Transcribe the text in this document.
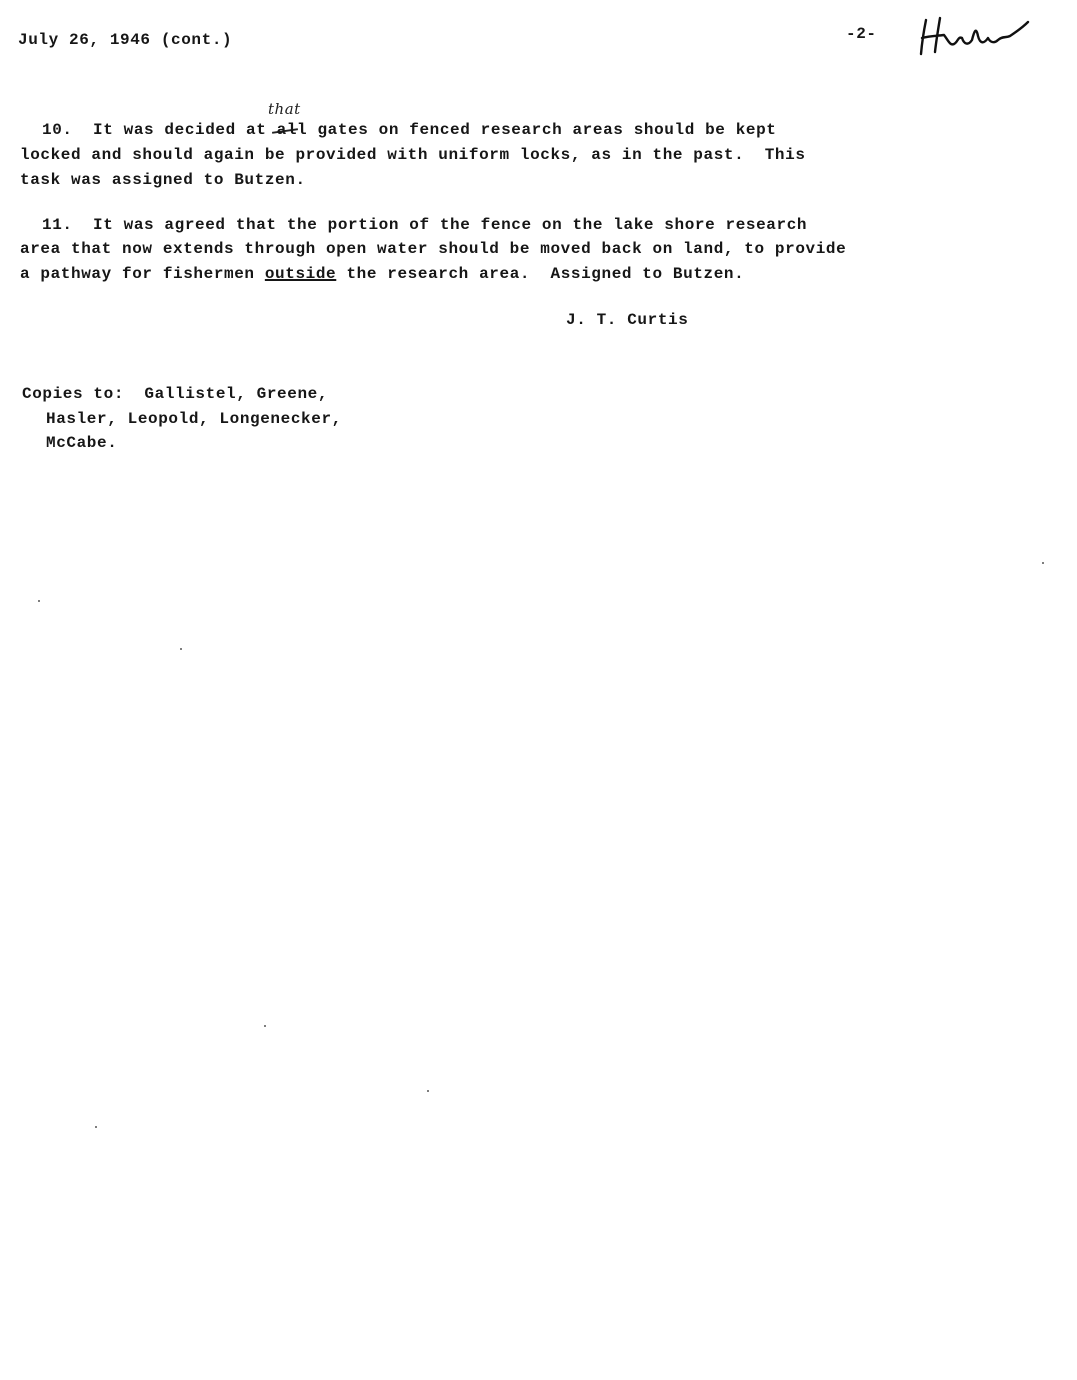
July 26, 1946 (cont.)	-2-
that
10.  It was decided at all gates on fenced research areas should be kept
locked and should again be provided with uniform locks, as in the past.  This
task was assigned to Butzen.
11.  It was agreed that the portion of the fence on the lake shore research
area that now extends through open water should be moved back on land, to provide
a pathway for fishermen outside the research area.  Assigned to Butzen.
J. T. Curtis
Copies to:  Gallistel, Greene,
Hasler, Leopold, Longenecker,
McCabe.
